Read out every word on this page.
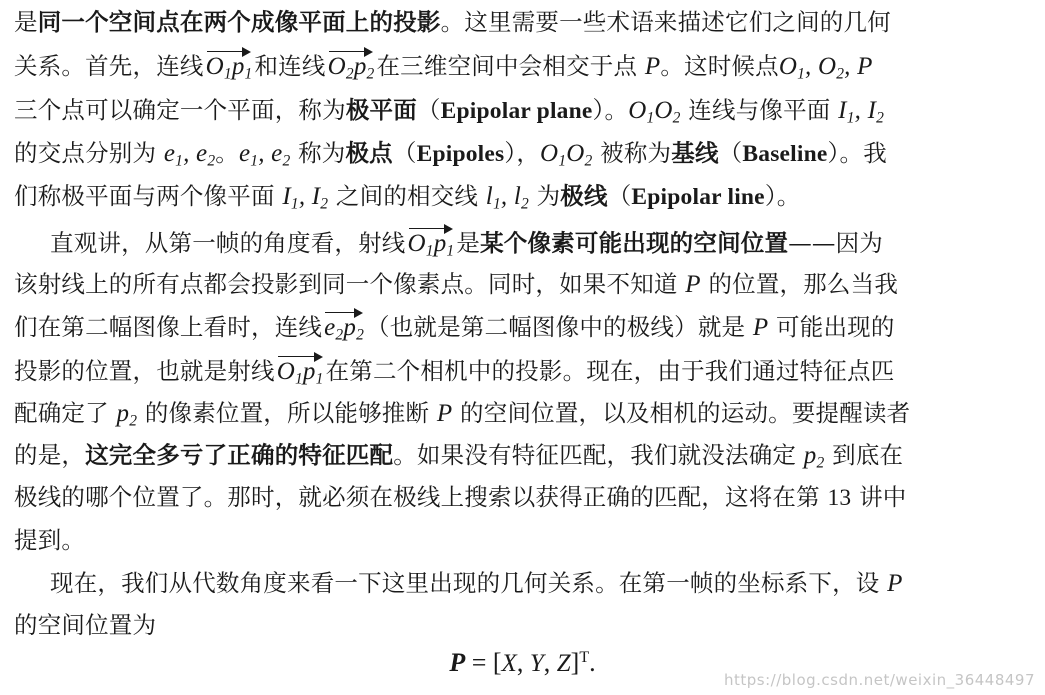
是同一个空间点在两个成像平面上的投影。这里需要一些术语来描述它们之间的几何
关系。首先，连线$O_1p_1$和连线$O_2p_2$在三维空间中会相交于点 P。这时候点$O_1$, $O_2$, P
三个点可以确定一个平面，称为极平面（Epipolar plane）。$O_1O_2$ 连线与像平面 $I_1$, $I_2$
的交点分别为 $e_1$, $e_2$。$e_1$, $e_2$ 称为极点（Epipoles），$O_1O_2$ 被称为基线（Baseline）。我
们称极平面与两个像平面 $I_1$, $I_2$ 之间的相交线 $l_1$, $l_2$ 为极线（Epipolar line）。
直观讲，从第一帧的角度看，射线$O_1p_1$是某个像素可能出现的空间位置——因为
该射线上的所有点都会投影到同一个像素点。同时，如果不知道 P 的位置，那么当我
们在第二幅图像上看时，连线$e_2p_2$（也就是第二幅图像中的极线）就是 P 可能出现的
投影的位置，也就是射线$O_1p_1$在第二个相机中的投影。现在，由于我们通过特征点匹
配确定了 $p_2$ 的像素位置，所以能够推断 P 的空间位置，以及相机的运动。要提醒读者
的是，这完全多亏了正确的特征匹配。如果没有特征匹配，我们就没法确定 $p_2$ 到底在
极线的哪个位置了。那时，就必须在极线上搜索以获得正确的匹配，这将在第 13 讲中
提到。
现在，我们从代数角度来看一下这里出现的几何关系。在第一帧的坐标系下，设 P
的空间位置为
P = [X, Y, Z]$^T$.
https://blog.csdn.net/weixin_36448497
